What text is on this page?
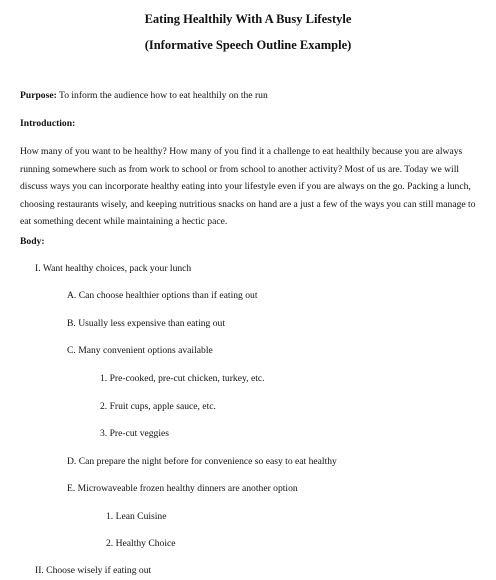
Eating Healthily With A Busy Lifestyle
(Informative Speech Outline Example)
Purpose: To inform the audience how to eat healthily on the run
Introduction:
How many of you want to be healthy? How many of you find it a challenge to eat healthily because you are always running somewhere such as from work to school or from school to another activity? Most of us are. Today we will discuss ways you can incorporate healthy eating into your lifestyle even if you are always on the go. Packing a lunch, choosing restaurants wisely, and keeping nutritious snacks on hand are a just a few of the ways you can still manage to eat something decent while maintaining a hectic pace.
Body:
I. Want healthy choices, pack your lunch
A. Can choose healthier options than if eating out
B. Usually less expensive than eating out
C. Many convenient options available
1. Pre-cooked, pre-cut chicken, turkey, etc.
2. Fruit cups, apple sauce, etc.
3. Pre-cut veggies
D. Can prepare the night before for convenience so easy to eat healthy
E. Microwaveable frozen healthy dinners are another option
1. Lean Cuisine
2. Healthy Choice
II. Choose wisely if eating out
